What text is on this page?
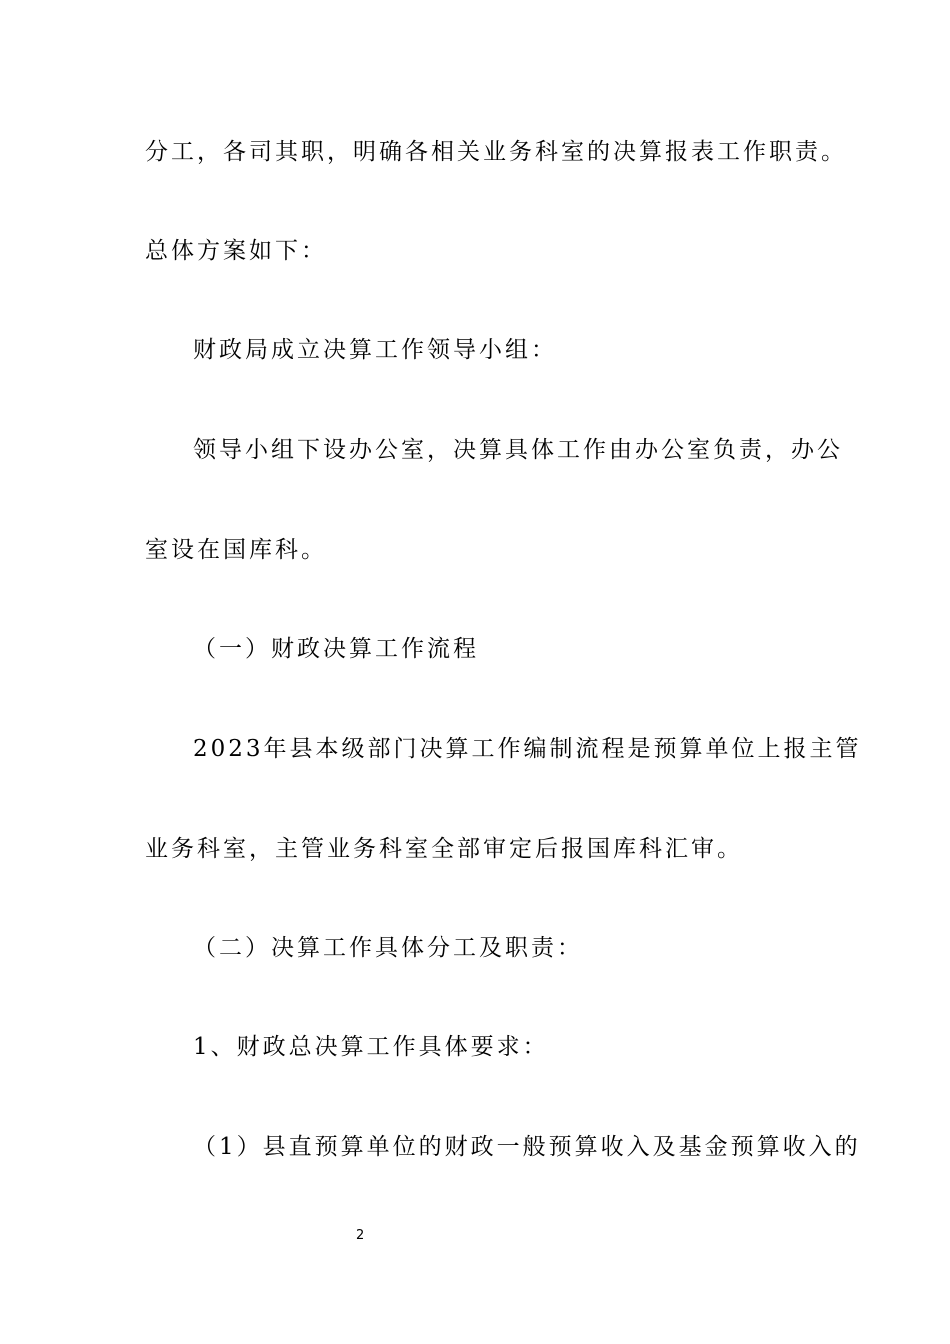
分工，各司其职，明确各相关业务科室的决算报表工作职责。
总体方案如下：
财政局成立决算工作领导小组：
领导小组下设办公室，决算具体工作由办公室负责，办公
室设在国库科。
（一）财政决算工作流程
2023年县本级部门决算工作编制流程是预算单位上报主管
业务科室，主管业务科室全部审定后报国库科汇审。
（二）决算工作具体分工及职责：
1、财政总决算工作具体要求：
（1）县直预算单位的财政一般预算收入及基金预算收入的
2
